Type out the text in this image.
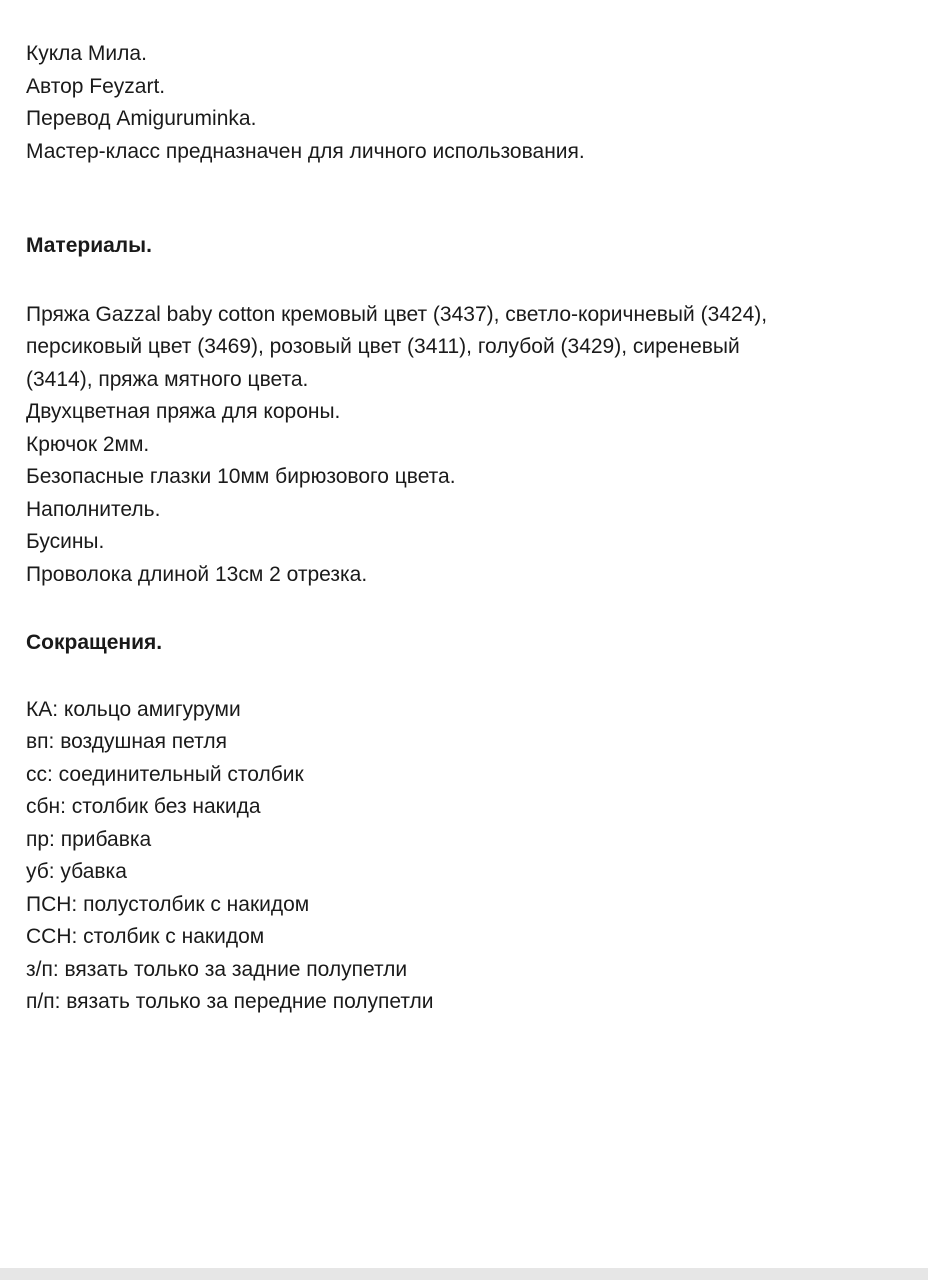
Кукла Мила.
Автор Feyzart.
Перевод Amiguruminka.
Мастер-класс предназначен для личного использования.
Материалы.
Пряжа Gazzal baby cotton кремовый цвет (3437), светло-коричневый (3424),
персиковый цвет (3469), розовый цвет (3411), голубой (3429), сиреневый
(3414), пряжа мятного цвета.
Двухцветная пряжа для короны.
Крючок 2мм.
Безопасные глазки 10мм бирюзового цвета.
Наполнитель.
Бусины.
Проволока длиной 13см 2 отрезка.
Сокращения.
КА: кольцо амигуруми
вп: воздушная петля
сс: соединительный столбик
сбн: столбик без накида
пр: прибавка
уб: убавка
ПСН: полустолбик с накидом
ССН: столбик с накидом
з/п: вязать только за задние полупетли
п/п: вязать только за передние полупетли
